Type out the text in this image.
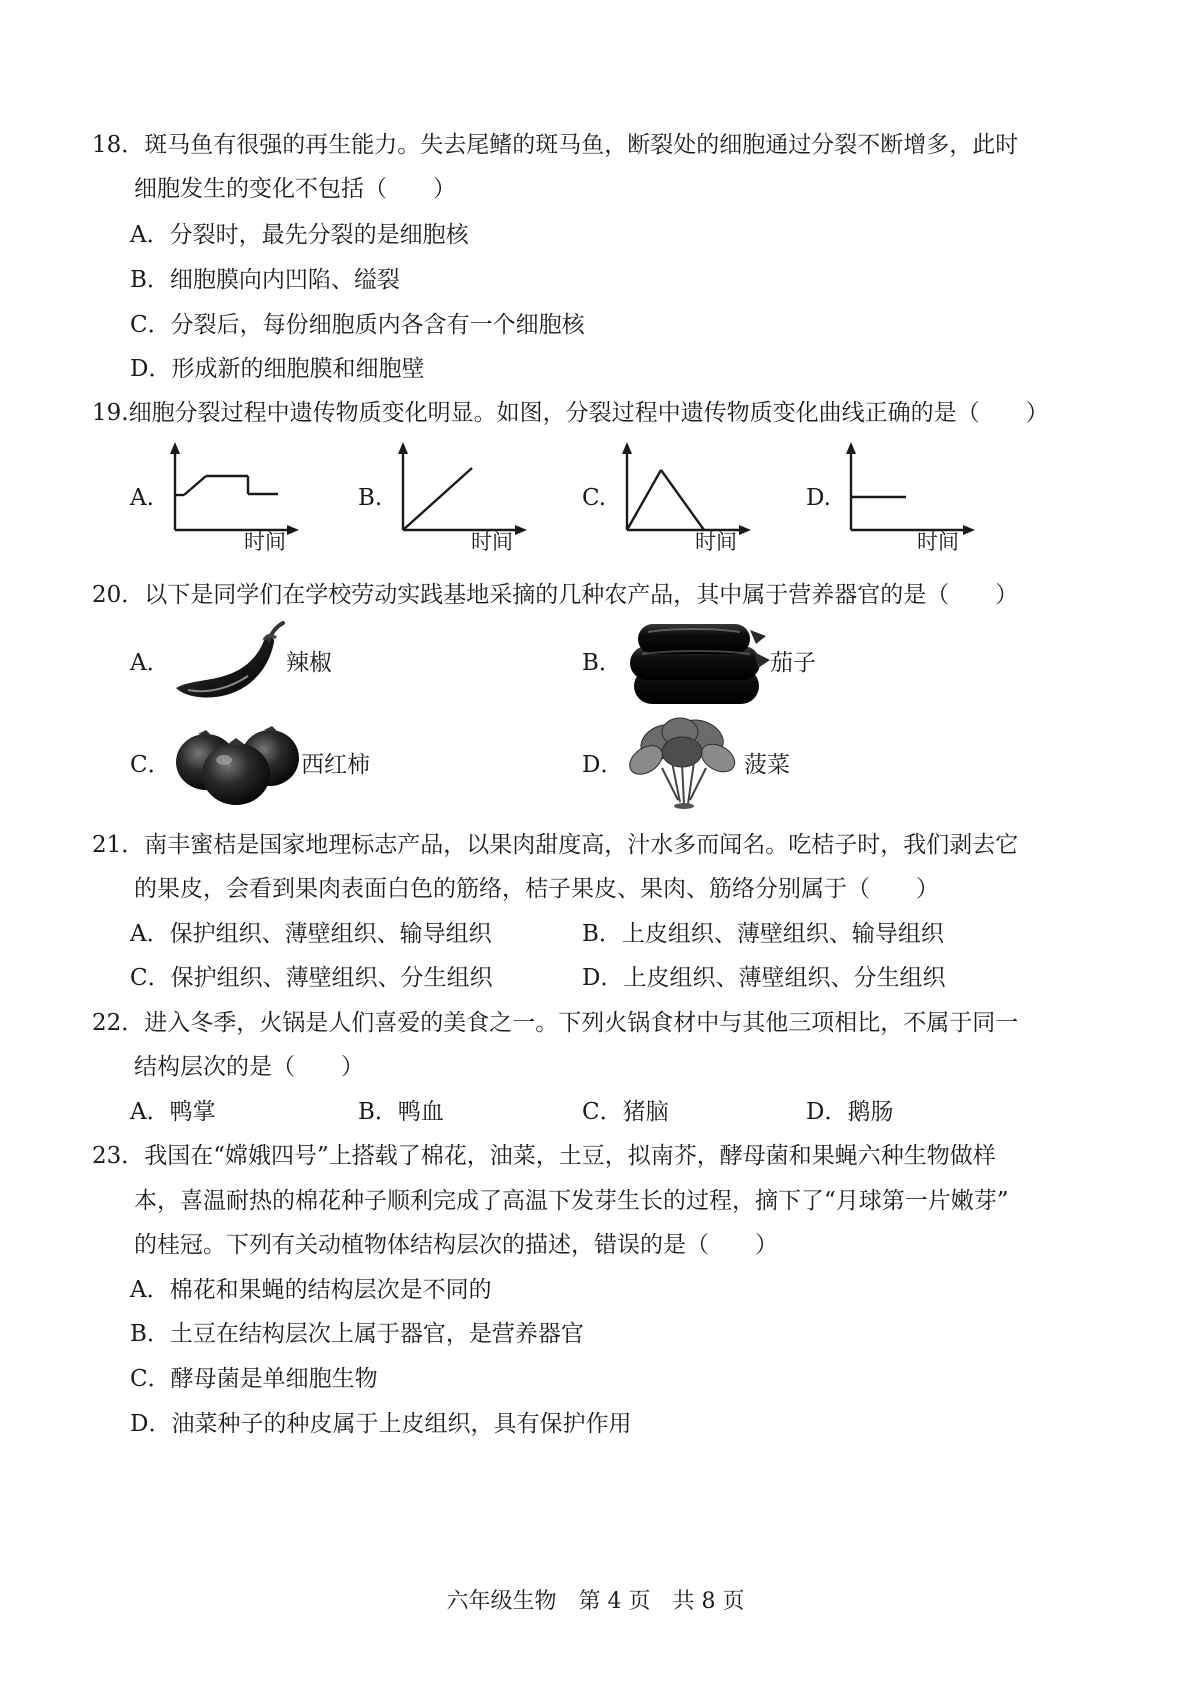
18．斑马鱼有很强的再生能力。失去尾鳍的斑马鱼，断裂处的细胞通过分裂不断增多，此时
细胞发生的变化不包括（　　）
A．分裂时，最先分裂的是细胞核
B．细胞膜向内凹陷、缢裂
C．分裂后，每份细胞质内各含有一个细胞核
D．形成新的细胞膜和细胞壁
19.细胞分裂过程中遗传物质变化明显。如图，分裂过程中遗传物质变化曲线正确的是（　　）
A.
时间
B.
时间
C.
时间
D.
时间
20．以下是同学们在学校劳动实践基地采摘的几种农产品，其中属于营养器官的是（　　）
A．	辣椒	B．	茄子
C．	西红柿	D．	菠菜
21．南丰蜜桔是国家地理标志产品，以果肉甜度高，汁水多而闻名。吃桔子时，我们剥去它
的果皮，会看到果肉表面白色的筋络，桔子果皮、果肉、筋络分别属于（　　）
A．保护组织、薄壁组织、输导组织	B．上皮组织、薄壁组织、输导组织
C．保护组织、薄壁组织、分生组织	D．上皮组织、薄壁组织、分生组织
22．进入冬季，火锅是人们喜爱的美食之一。下列火锅食材中与其他三项相比，不属于同一
结构层次的是（　　）
A．鸭掌	B．鸭血	C．猪脑	D．鹅肠
23．我国在“嫦娥四号”上搭载了棉花，油菜，土豆，拟南芥，酵母菌和果蝇六种生物做样
本，喜温耐热的棉花种子顺利完成了高温下发芽生长的过程，摘下了“月球第一片嫩芽”
的桂冠。下列有关动植物体结构层次的描述，错误的是（　　）
A．棉花和果蝇的结构层次是不同的
B．土豆在结构层次上属于器官，是营养器官
C．酵母菌是单细胞生物
D．油菜种子的种皮属于上皮组织，具有保护作用
六年级生物　第 4 页　共 8 页
